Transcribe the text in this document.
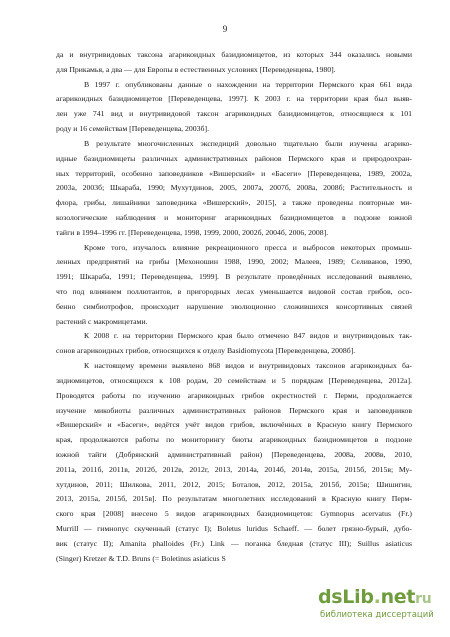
9
да и внутривидовых таксона агарикоидных базидиомицетов, из которых 344 оказались новыми
для Прикамья, а два — для Европы в естественных условиях [Переведенцева, 1980].
В 1997 г. опубликованы данные о нахождении на территории Пермского края 661 вида
агарикоидных базидиомицетов [Переведенцева, 1997]. К 2003 г. на территории края был выяв-
лен уже 741 вид и внутривидовой таксон агарикоидных базидиомицетов, относящиеся к 101
роду и 16 семействам [Переведенцева, 2003б].
В результате многочисленных экспедиций довольно тщательно были изучены агарико-
идные базидиомицеты различных административных районов Пермского края и природоохран-
ных территорий, особенно заповедников «Вишерский» и «Басеги» [Переведенцева, 1989, 2002а,
2003а, 2003б; Шкараба, 1990; Мухутдинов, 2005, 2007а, 2007б, 2008а, 2008б; Растительность и
флора, грибы, лишайники заповедника «Вишерский», 2015], а также проведены повторные ми-
козологические наблюдения и мониторинг агарикоидных базидиомицетов в подзоне южной
тайги в 1994–1996 гг. [Переведенцева, 1998, 1999, 2000, 2002б, 2004б, 2006, 2008].
Кроме того, изучалось влияние рекреационного пресса и выбросов некоторых промыш-
ленных предприятий на грибы [Мехоношин 1988, 1990, 2002; Малеев, 1989; Селиванов, 1990,
1991; Шкараба, 1991; Переведенцева, 1999]. В результате проведённых исследований выявлено,
что под влиянием поллютантов, в пригородных лесах уменьшается видовой состав грибов, осо-
бенно симбиотрофов, происходит нарушение эволюционно сложившихся консортивных связей
растений с макромицетами.
К 2008 г. на территории Пермского края было отмечено 847 видов и внутривидовых так-
сонов агарикоидных грибов, относящихся к отделу Basidiomycota [Переведенцева, 2008б].
К настоящему времени выявлено 868 видов и внутривидовых таксонов агарикоидных ба-
зидиомицетов, относящихся к 108 родам, 20 семействам и 5 порядкам [Переведенцева, 2012а].
Проводятся работы по изучению агарикоидных грибов окрестностей г. Перми, продолжается
изучение микобиоты различных административных районов Пермского края и заповедников
«Вишерский» и «Басеги», ведётся учёт видов грибов, включённых в Красную книгу Пермского
края, продолжаются работы по мониторингу биоты агарикоидных базидиомицетов в подзоне
южной тайги (Добрянский административный район) [Переведенцева, 2008а, 2008в, 2010,
2011а, 2011б, 2011в, 2012б, 2012в, 2012г, 2013, 2014а, 2014б, 2014в, 2015а, 2015б, 2015в; Му-
хутдинов, 2011; Шилкова, 2011, 2012, 2015; Боталов, 2012, 2015а, 2015б, 2015в; Шишигин,
2013, 2015а, 2015б, 2015в]. По результатам многолетних исследований в Красную книгу Перм-
ского края [2008] внесено 5 видов агарикоидных базидиомицетов: Gymnopus acervatus (Fr.)
Murrill — гимнопус скученный (статус I); Boletus luridus Schaeff. — болет грязно-бурый, дубо-
вик (статус II); Amanita phalloides (Fr.) Link — поганка бледная (статус III); Suillus asiaticus
(Singer) Kretzer & T.D. Bruns (= Boletinus asiaticus S
dsLib.netru
библиотека диссертаций
